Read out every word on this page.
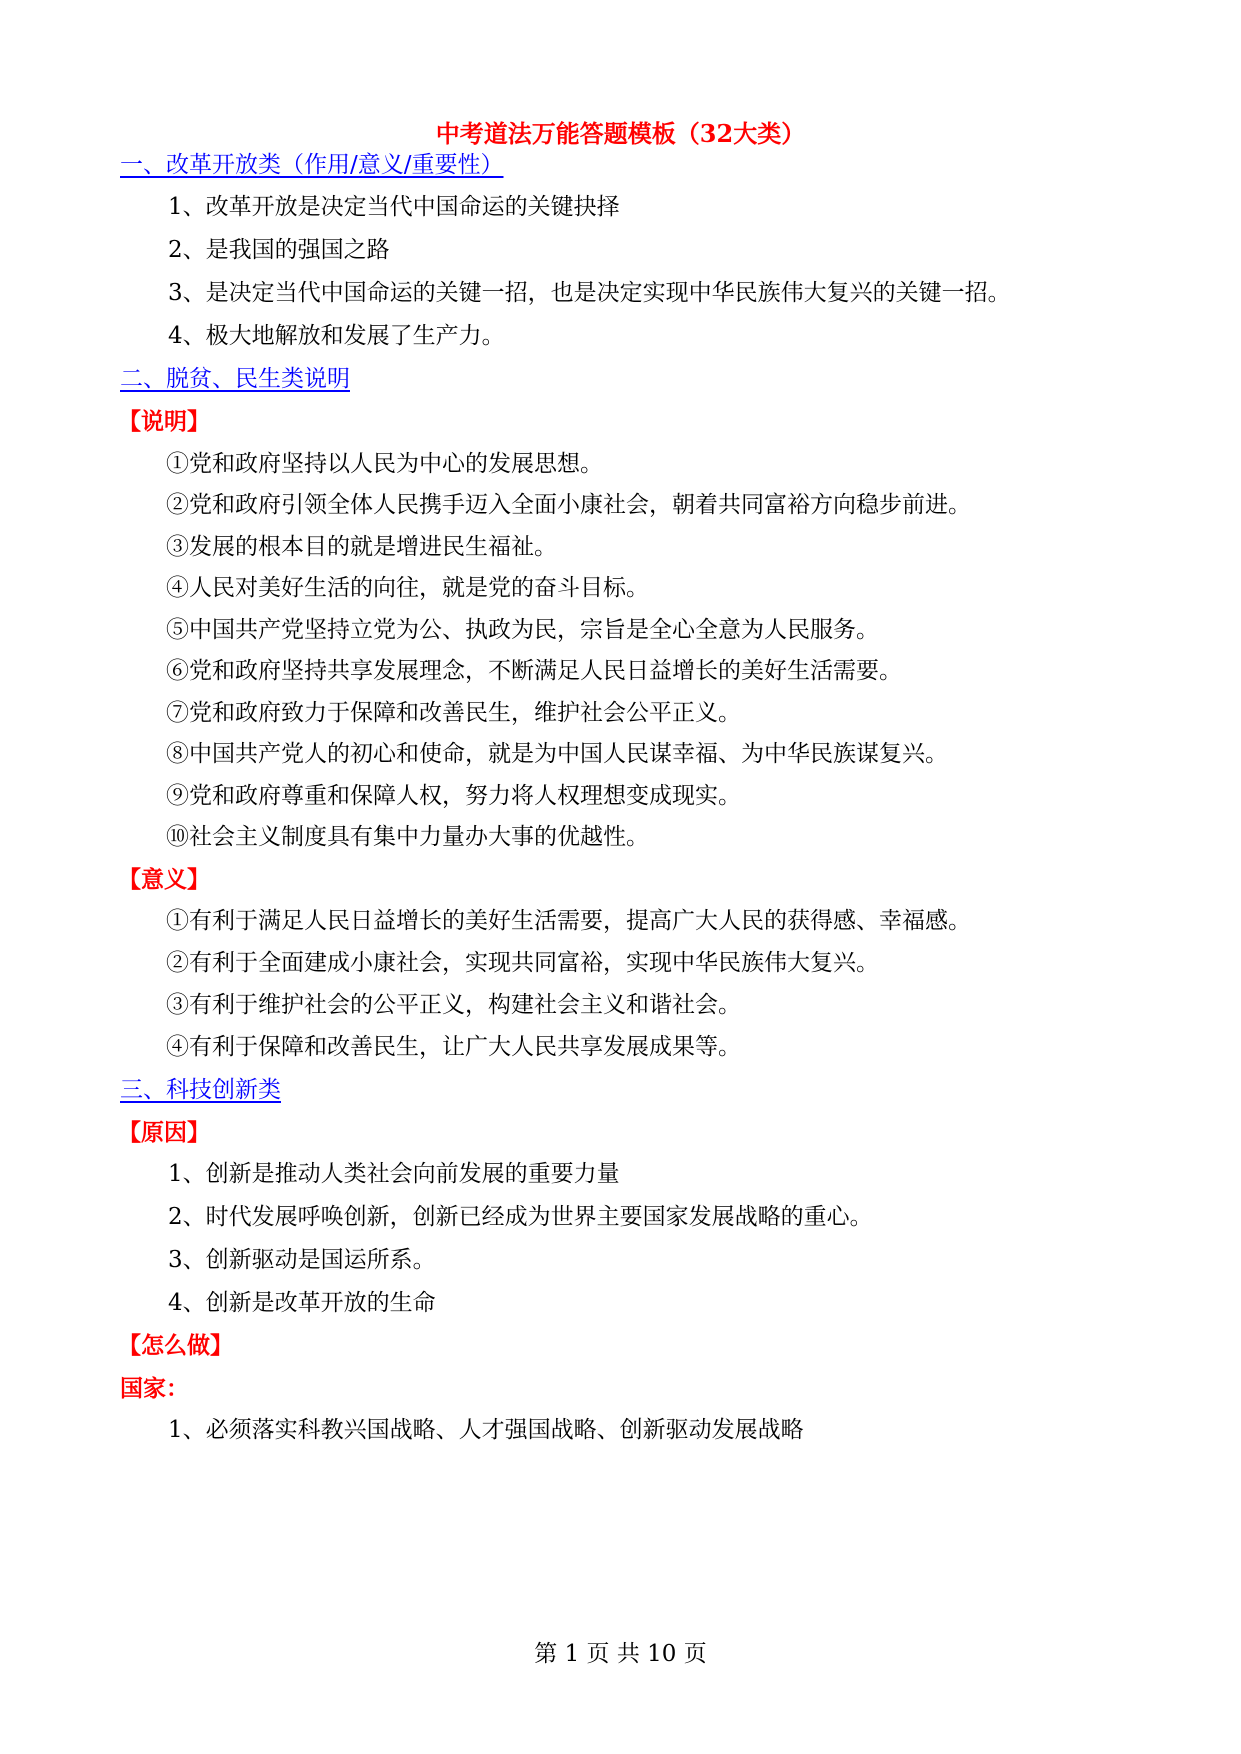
中考道法万能答题模板（32大类）
一、改革开放类（作用/意义/重要性）
1、改革开放是决定当代中国命运的关键抉择
2、是我国的强国之路
3、是决定当代中国命运的关键一招，也是决定实现中华民族伟大复兴的关键一招。
4、极大地解放和发展了生产力。
二、脱贫、民生类说明
【说明】
①党和政府坚持以人民为中心的发展思想。
②党和政府引领全体人民携手迈入全面小康社会，朝着共同富裕方向稳步前进。
③发展的根本目的就是增进民生福祉。
④人民对美好生活的向往，就是党的奋斗目标。
⑤中国共产党坚持立党为公、执政为民，宗旨是全心全意为人民服务。
⑥党和政府坚持共享发展理念，不断满足人民日益增长的美好生活需要。
⑦党和政府致力于保障和改善民生，维护社会公平正义。
⑧中国共产党人的初心和使命，就是为中国人民谋幸福、为中华民族谋复兴。
⑨党和政府尊重和保障人权，努力将人权理想变成现实。
⑩社会主义制度具有集中力量办大事的优越性。
【意义】
①有利于满足人民日益增长的美好生活需要，提高广大人民的获得感、幸福感。
②有利于全面建成小康社会，实现共同富裕，实现中华民族伟大复兴。
③有利于维护社会的公平正义，构建社会主义和谐社会。
④有利于保障和改善民生，让广大人民共享发展成果等。
三、科技创新类
【原因】
1、创新是推动人类社会向前发展的重要力量
2、时代发展呼唤创新，创新已经成为世界主要国家发展战略的重心。
3、创新驱动是国运所系。
4、创新是改革开放的生命
【怎么做】
国家：
1、必须落实科教兴国战略、人才强国战略、创新驱动发展战略
第 1 页 共 10 页
